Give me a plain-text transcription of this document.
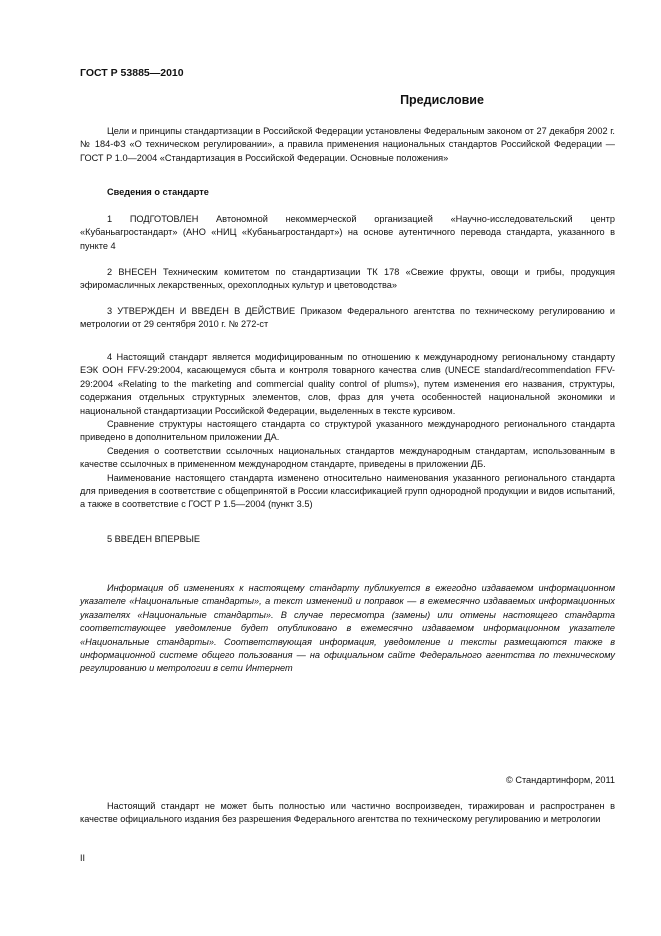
ГОСТ Р 53885—2010
Предисловие

Цели и принципы стандартизации в Российской Федерации установлены Федеральным законом от 27 декабря 2002 г. № 184-ФЗ «О техническом регулировании», а правила применения национальных стандартов Российской Федерации — ГОСТ Р 1.0—2004 «Стандартизация в Российской Федерации. Основные положения»

Сведения о стандарте

1 ПОДГОТОВЛЕН Автономной некоммерческой организацией «Научно-исследовательский центр «Кубаньагростандарт» (АНО «НИЦ «Кубаньагростандарт») на основе аутентичного перевода стандарта, указанного в пункте 4

2 ВНЕСЕН Техническим комитетом по стандартизации ТК 178 «Свежие фрукты, овощи и грибы, продукция эфиромасличных лекарственных, орехоплодных культур и цветоводства»

3 УТВЕРЖДЕН И ВВЕДЕН В ДЕЙСТВИЕ Приказом Федерального агентства по техническому регулированию и метрологии от 29 сентября 2010 г. № 272-ст

4 Настоящий стандарт является модифицированным по отношению к международному региональному стандарту ЕЭК ООН FFV-29:2004, касающемуся сбыта и контроля товарного качества слив (UNECE standard/recommendation FFV-29:2004 «Relating to the marketing and commercial quality control of plums»), путем изменения его названия, структуры, содержания отдельных структурных элементов, слов, фраз для учета особенностей национальной экономики и национальной стандартизации Российской Федерации, выделенных в тексте курсивом.

Сравнение структуры настоящего стандарта со структурой указанного международного регионального стандарта приведено в дополнительном приложении ДА.

Сведения о соответствии ссылочных национальных стандартов международным стандартам, использованным в качестве ссылочных в примененном международном стандарте, приведены в приложении ДБ.

Наименование настоящего стандарта изменено относительно наименования указанного регионального стандарта для приведения в соответствие с общепринятой в России классификацией групп однородной продукции и видов испытаний, а также в соответствие с ГОСТ Р 1.5—2004 (пункт 3.5)

5 ВВЕДЕН ВПЕРВЫЕ

Информация об изменениях к настоящему стандарту публикуется в ежегодно издаваемом информационном указателе «Национальные стандарты», а текст изменений и поправок — в ежемесячно издаваемых информационных указателях «Национальные стандарты». В случае пересмотра (замены) или отмены настоящего стандарта соответствующее уведомление будет опубликовано в ежемесячно издаваемом информационном указателе «Национальные стандарты». Соответствующая информация, уведомление и тексты размещаются также в информационной системе общего пользования — на официальном сайте Федерального агентства по техническому регулированию и метрологии в сети Интернет

© Стандартинформ, 2011

Настоящий стандарт не может быть полностью или частично воспроизведен, тиражирован и распространен в качестве официального издания без разрешения Федерального агентства по техническому регулированию и метрологии

II
